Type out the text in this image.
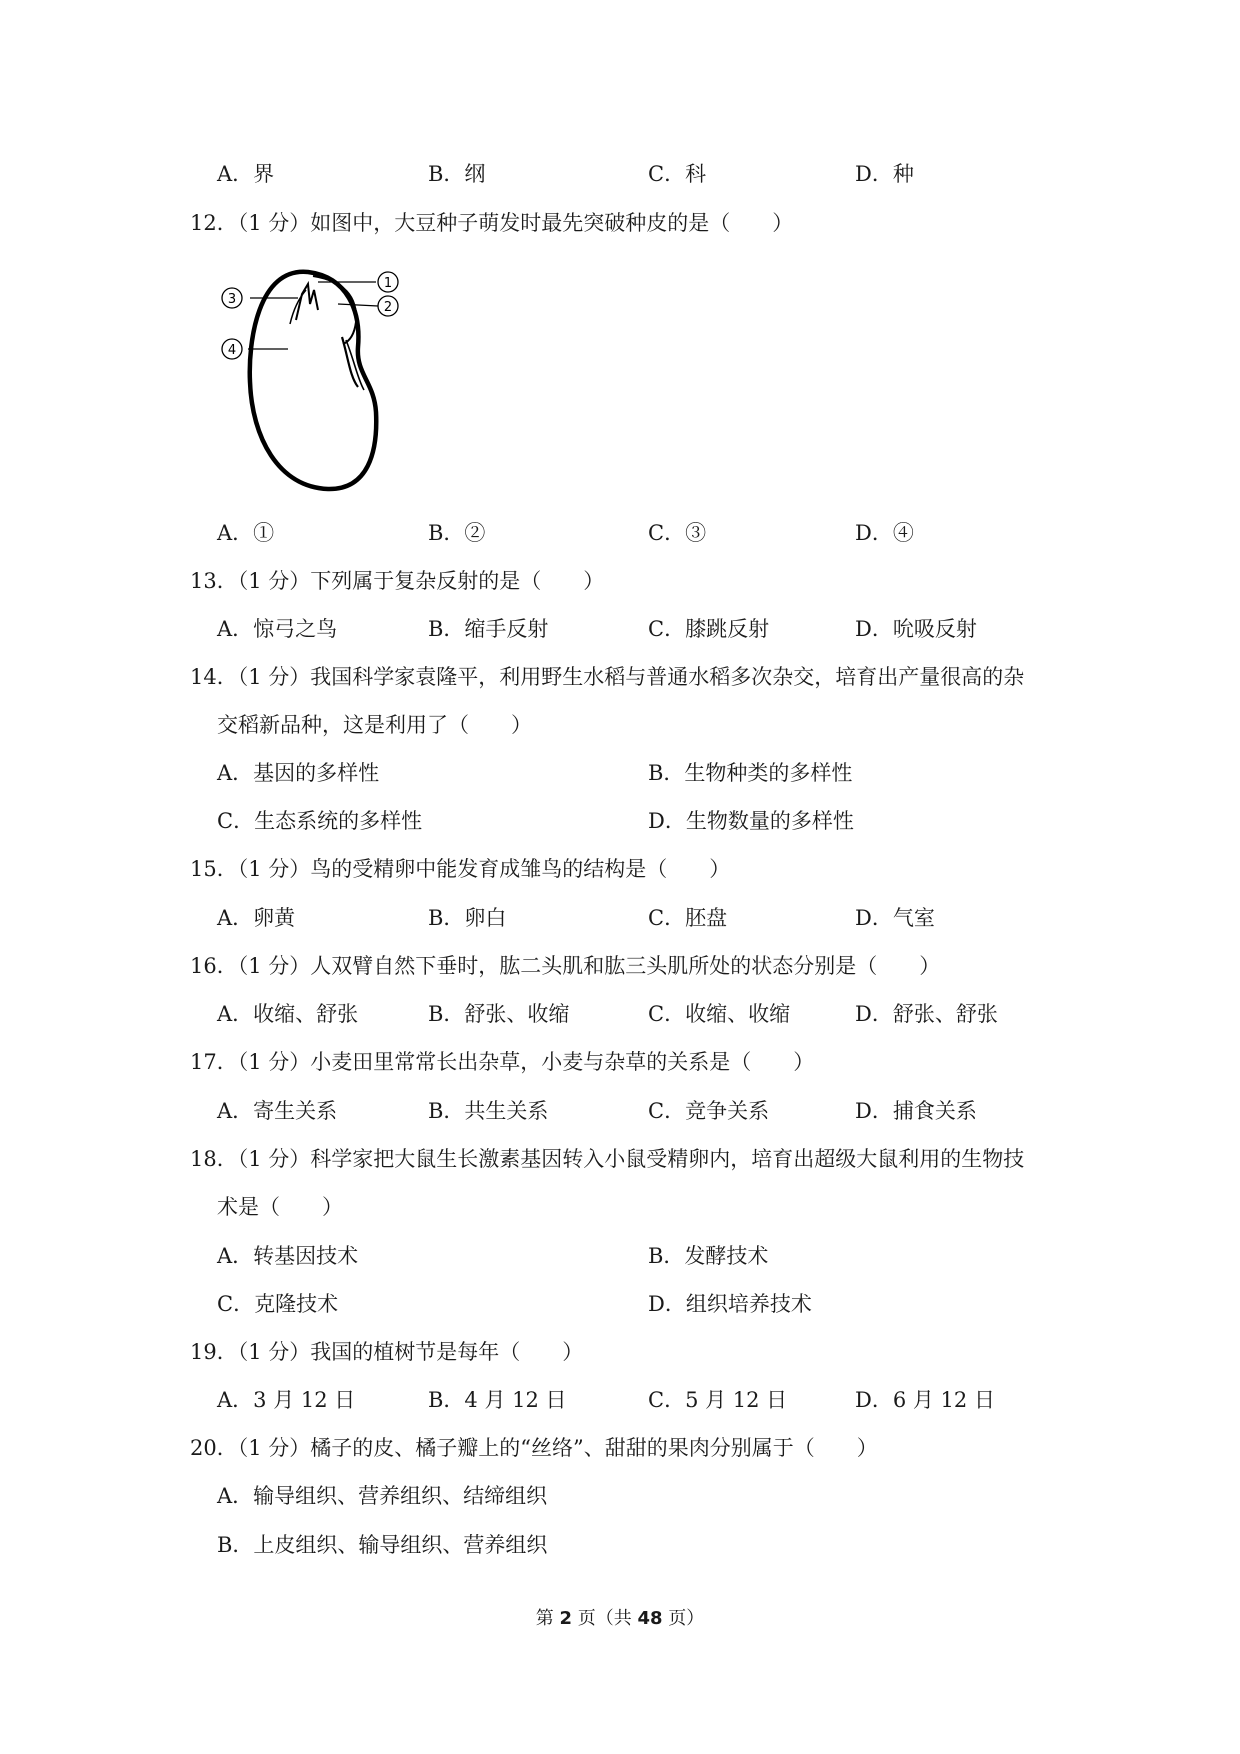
A．界	B．纲	C．科	D．种
12．（1 分）如图中，大豆种子萌发时最先突破种皮的是（　　）
1
2
3
4
A．①	B．②	C．③	D．④
13．（1 分）下列属于复杂反射的是（　　）
A．惊弓之鸟	B．缩手反射	C．膝跳反射	D．吮吸反射
14．（1 分）我国科学家袁隆平，利用野生水稻与普通水稻多次杂交，培育出产量很高的杂
交稻新品种，这是利用了（　　）
A．基因的多样性	B．生物种类的多样性
C．生态系统的多样性	D．生物数量的多样性
15．（1 分）鸟的受精卵中能发育成雏鸟的结构是（　　）
A．卵黄	B．卵白	C．胚盘	D．气室
16．（1 分）人双臂自然下垂时，肱二头肌和肱三头肌所处的状态分别是（　　）
A．收缩、舒张	B．舒张、收缩	C．收缩、收缩	D．舒张、舒张
17．（1 分）小麦田里常常长出杂草，小麦与杂草的关系是（　　）
A．寄生关系	B．共生关系	C．竞争关系	D．捕食关系
18．（1 分）科学家把大鼠生长激素基因转入小鼠受精卵内，培育出超级大鼠利用的生物技
术是（　　）
A．转基因技术	B．发酵技术
C．克隆技术	D．组织培养技术
19．（1 分）我国的植树节是每年（　　）
A．3 月 12 日	B．4 月 12 日	C．5 月 12 日	D．6 月 12 日
20．（1 分）橘子的皮、橘子瓣上的“丝络”、甜甜的果肉分别属于（　　）
A．输导组织、营养组织、结缔组织
B．上皮组织、输导组织、营养组织
第 2 页（共 48 页）
